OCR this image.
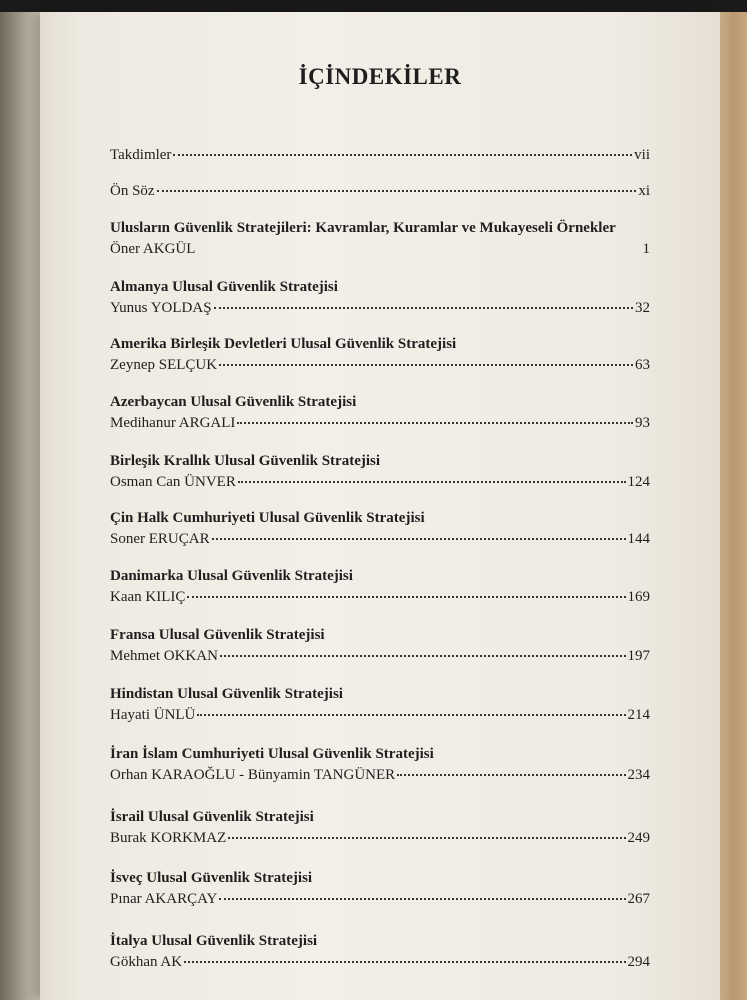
İÇİNDEKİLER
Takdimler	vii
Ön Söz	xi
Ulusların Güvenlik Stratejileri: Kavramlar, Kuramlar ve Mukayeseli Örnekler
Öner AKGÜL	1
Almanya Ulusal Güvenlik Stratejisi
Yunus YOLDAŞ	32
Amerika Birleşik Devletleri Ulusal Güvenlik Stratejisi
Zeynep SELÇUK	63
Azerbaycan Ulusal Güvenlik Stratejisi
Medihanur ARGALI	93
Birleşik Krallık Ulusal Güvenlik Stratejisi
Osman Can ÜNVER	124
Çin Halk Cumhuriyeti Ulusal Güvenlik Stratejisi
Soner ERUÇAR	144
Danimarka Ulusal Güvenlik Stratejisi
Kaan KILIÇ	169
Fransa Ulusal Güvenlik Stratejisi
Mehmet OKKAN	197
Hindistan Ulusal Güvenlik Stratejisi
Hayati ÜNLÜ	214
İran İslam Cumhuriyeti Ulusal Güvenlik Stratejisi
Orhan KARAOĞLU - Bünyamin TANGÜNER	234
İsrail Ulusal Güvenlik Stratejisi
Burak KORKMAZ	249
İsveç Ulusal Güvenlik Stratejisi
Pınar AKARÇAY	267
İtalya Ulusal Güvenlik Stratejisi
Gökhan AK	294
